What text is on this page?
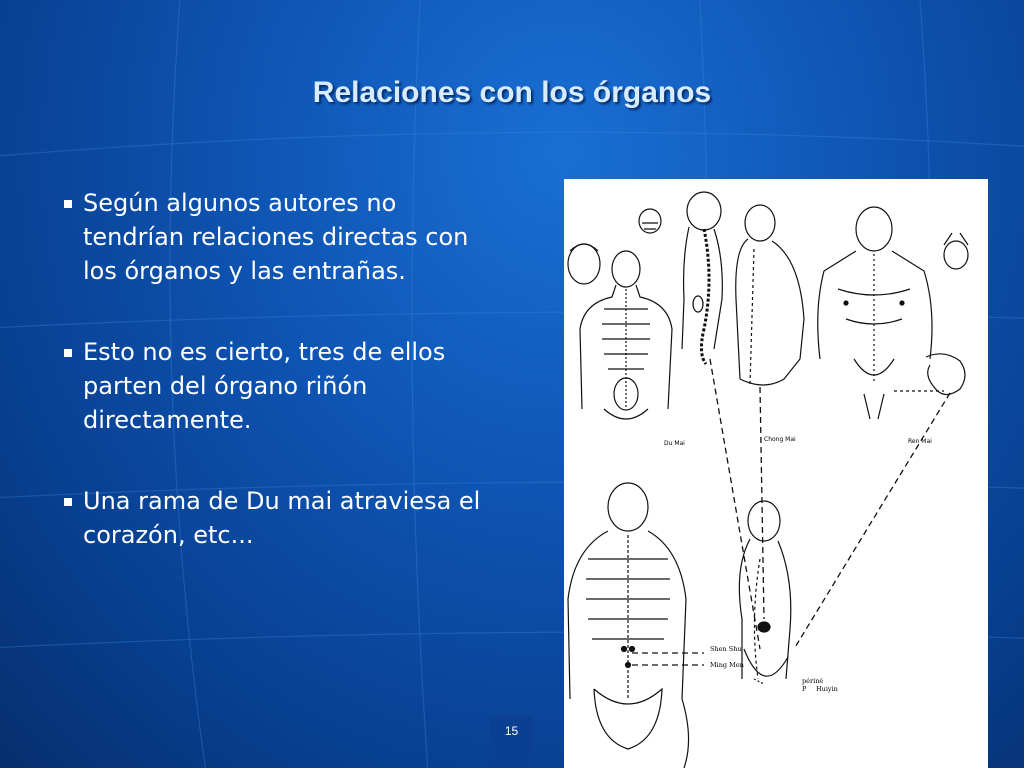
Relaciones con los órganos
Según algunos autores no tendrían relaciones directas con los órganos y las entrañas.
Esto no es cierto, tres de ellos parten del órgano riñón directamente.
Una rama de Du mai atraviesa el corazón, etc...
Du Mai
Chong Mai	Ren Mai
Shen Shu
Ming Men
périné
P Huiyin
15
